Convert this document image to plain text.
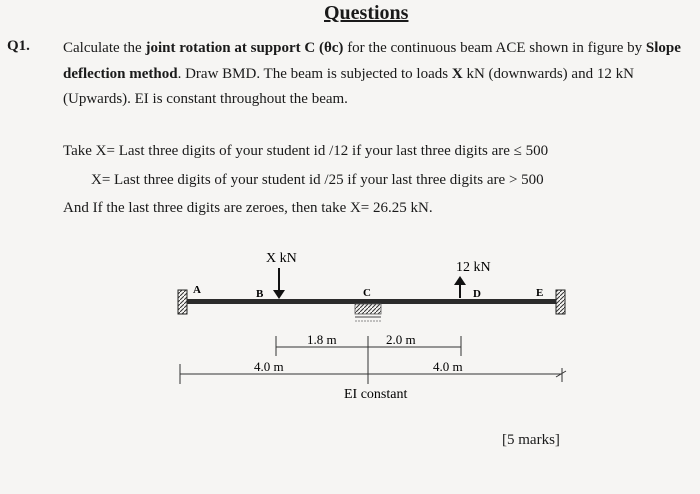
Questions
Q1. Calculate the joint rotation at support C (θc) for the continuous beam ACE shown in figure by Slope deflection method. Draw BMD. The beam is subjected to loads X kN (downwards) and 12 kN (Upwards). EI is constant throughout the beam.
Take X= Last three digits of your student id /12 if your last three digits are ≤ 500
X= Last three digits of your student id /25 if your last three digits are > 500
And If the last three digits are zeroes, then take X= 26.25 kN.
X kN
12 kN
A	B	C	D	E
1.8 m	2.0 m
4.0 m	4.0 m
EI constant
[5 marks]
